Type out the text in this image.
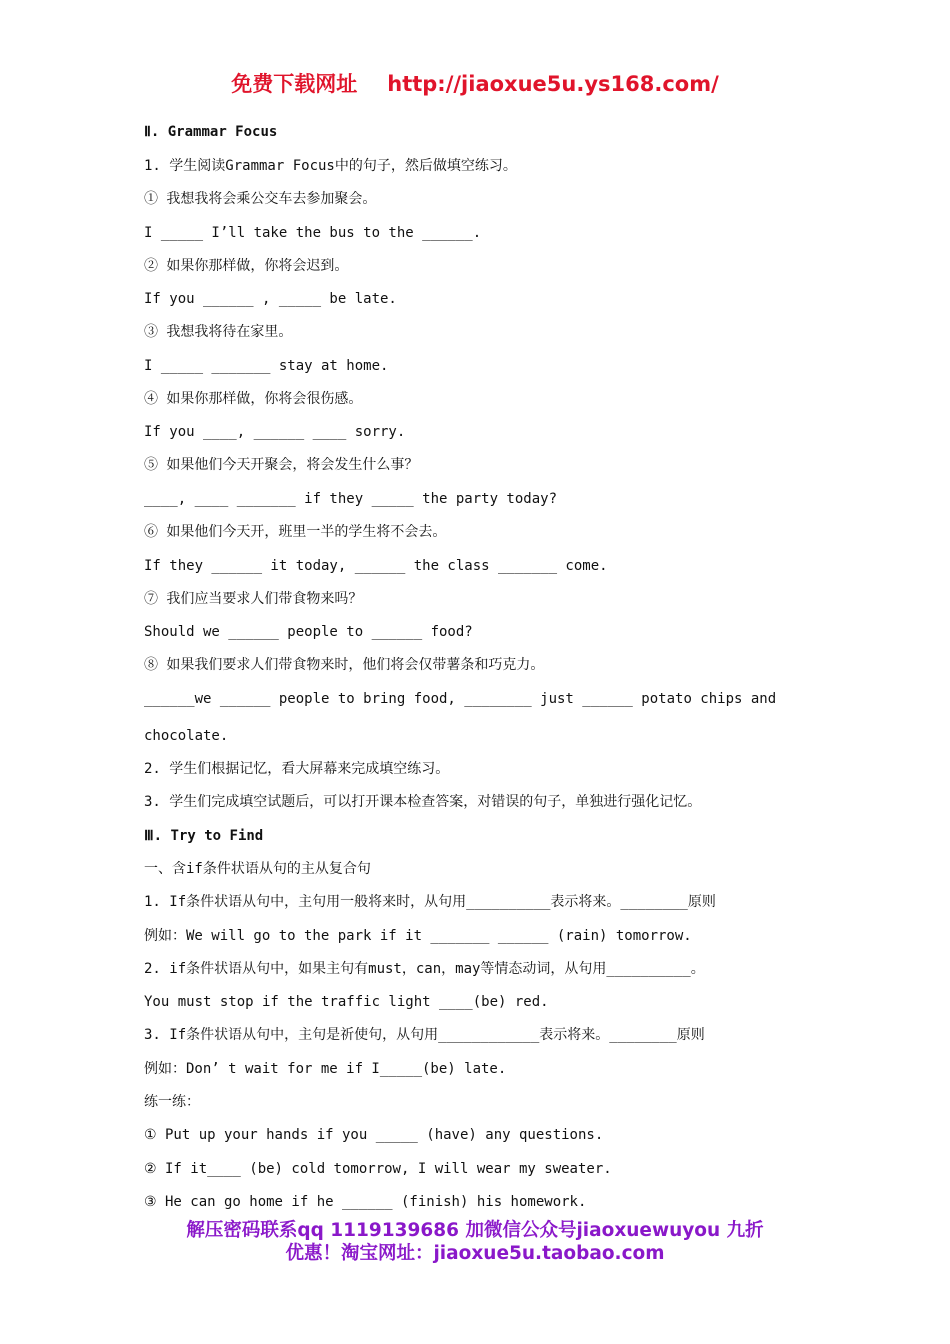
免费下载网址 http://jiaoxue5u.ys168.com/
Ⅱ. Grammar Focus
1. 学生阅读Grammar Focus中的句子，然后做填空练习。
① 我想我将会乘公交车去参加聚会。
I _____ I’ll take the bus to the ______.
② 如果你那样做，你将会迟到。
If you ______ , _____ be late.
③ 我想我将待在家里。
I _____ _______ stay at home.
④ 如果你那样做，你将会很伤感。
If you ____, ______ ____ sorry.
⑤ 如果他们今天开聚会，将会发生什么事？
____, ____ _______ if they _____ the party today?
⑥ 如果他们今天开，班里一半的学生将不会去。
If they ______ it today, ______ the class _______ come.
⑦ 我们应当要求人们带食物来吗？
Should we ______ people to ______ food?
⑧ 如果我们要求人们带食物来时，他们将会仅带薯条和巧克力。
______we ______ people to bring food, ________ just ______ potato chips and
chocolate.
2. 学生们根据记忆，看大屏幕来完成填空练习。
3. 学生们完成填空试题后，可以打开课本检查答案，对错误的句子，单独进行强化记忆。
Ⅲ. Try to Find
一、含if条件状语从句的主从复合句
1. If条件状语从句中，主句用一般将来时，从句用__________表示将来。________原则
例如：We will go to the park if it _______ ______ (rain) tomorrow.
2. if条件状语从句中，如果主句有must，can，may等情态动词，从句用__________。
You must stop if the traffic light ____(be) red.
3. If条件状语从句中，主句是祈使句，从句用____________表示将来。________原则
例如：Don’ t wait for me if I_____(be) late.
练一练：
① Put up your hands if you _____ (have) any questions.
② If it____ (be) cold tomorrow, I will wear my sweater.
③ He can go home if he ______ (finish) his homework.
解压密码联系qq 1119139686 加微信公众号jiaoxuewuyou 九折
优惠！淘宝网址：jiaoxue5u.taobao.com
